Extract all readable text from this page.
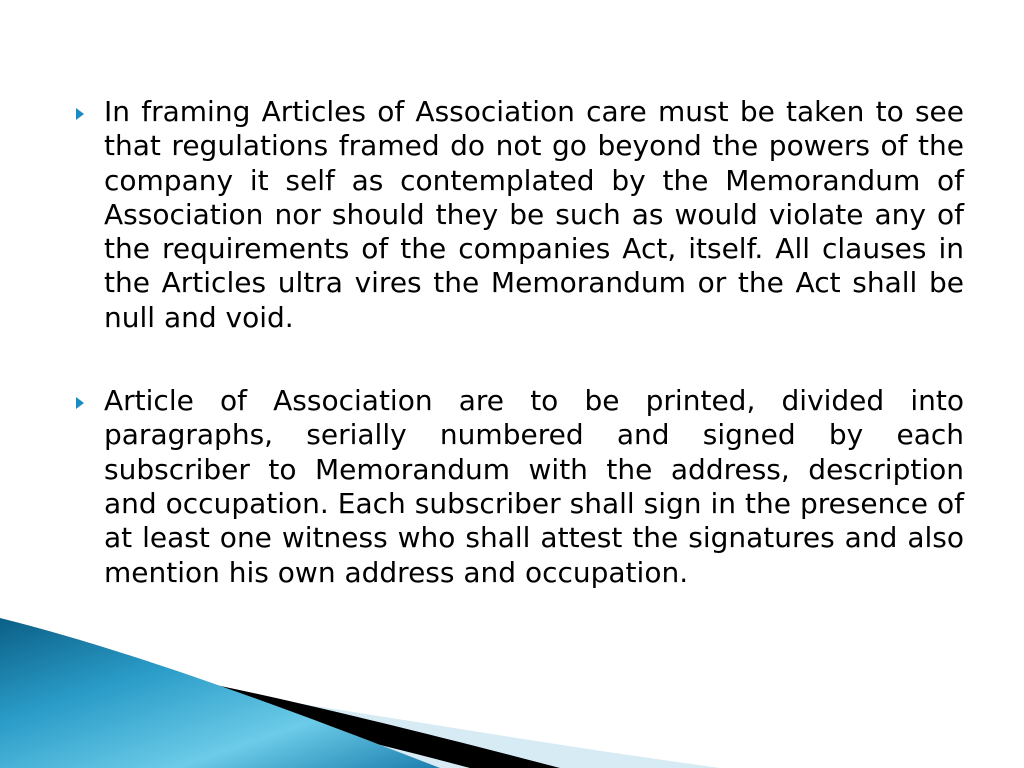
In framing Articles of Association care must be taken to see that regulations framed do not go beyond the powers of the company it self as contemplated by the Memorandum of Association nor should they be such as would violate any of the requirements of the companies Act, itself. All clauses in the Articles ultra vires the Memorandum or the Act shall be null and void.
Article of Association are to be printed, divided into paragraphs, serially numbered and signed by each subscriber to Memorandum with the address, description and occupation. Each subscriber shall sign in the presence of at least one witness who shall attest the signatures and also mention his own address and occupation.
